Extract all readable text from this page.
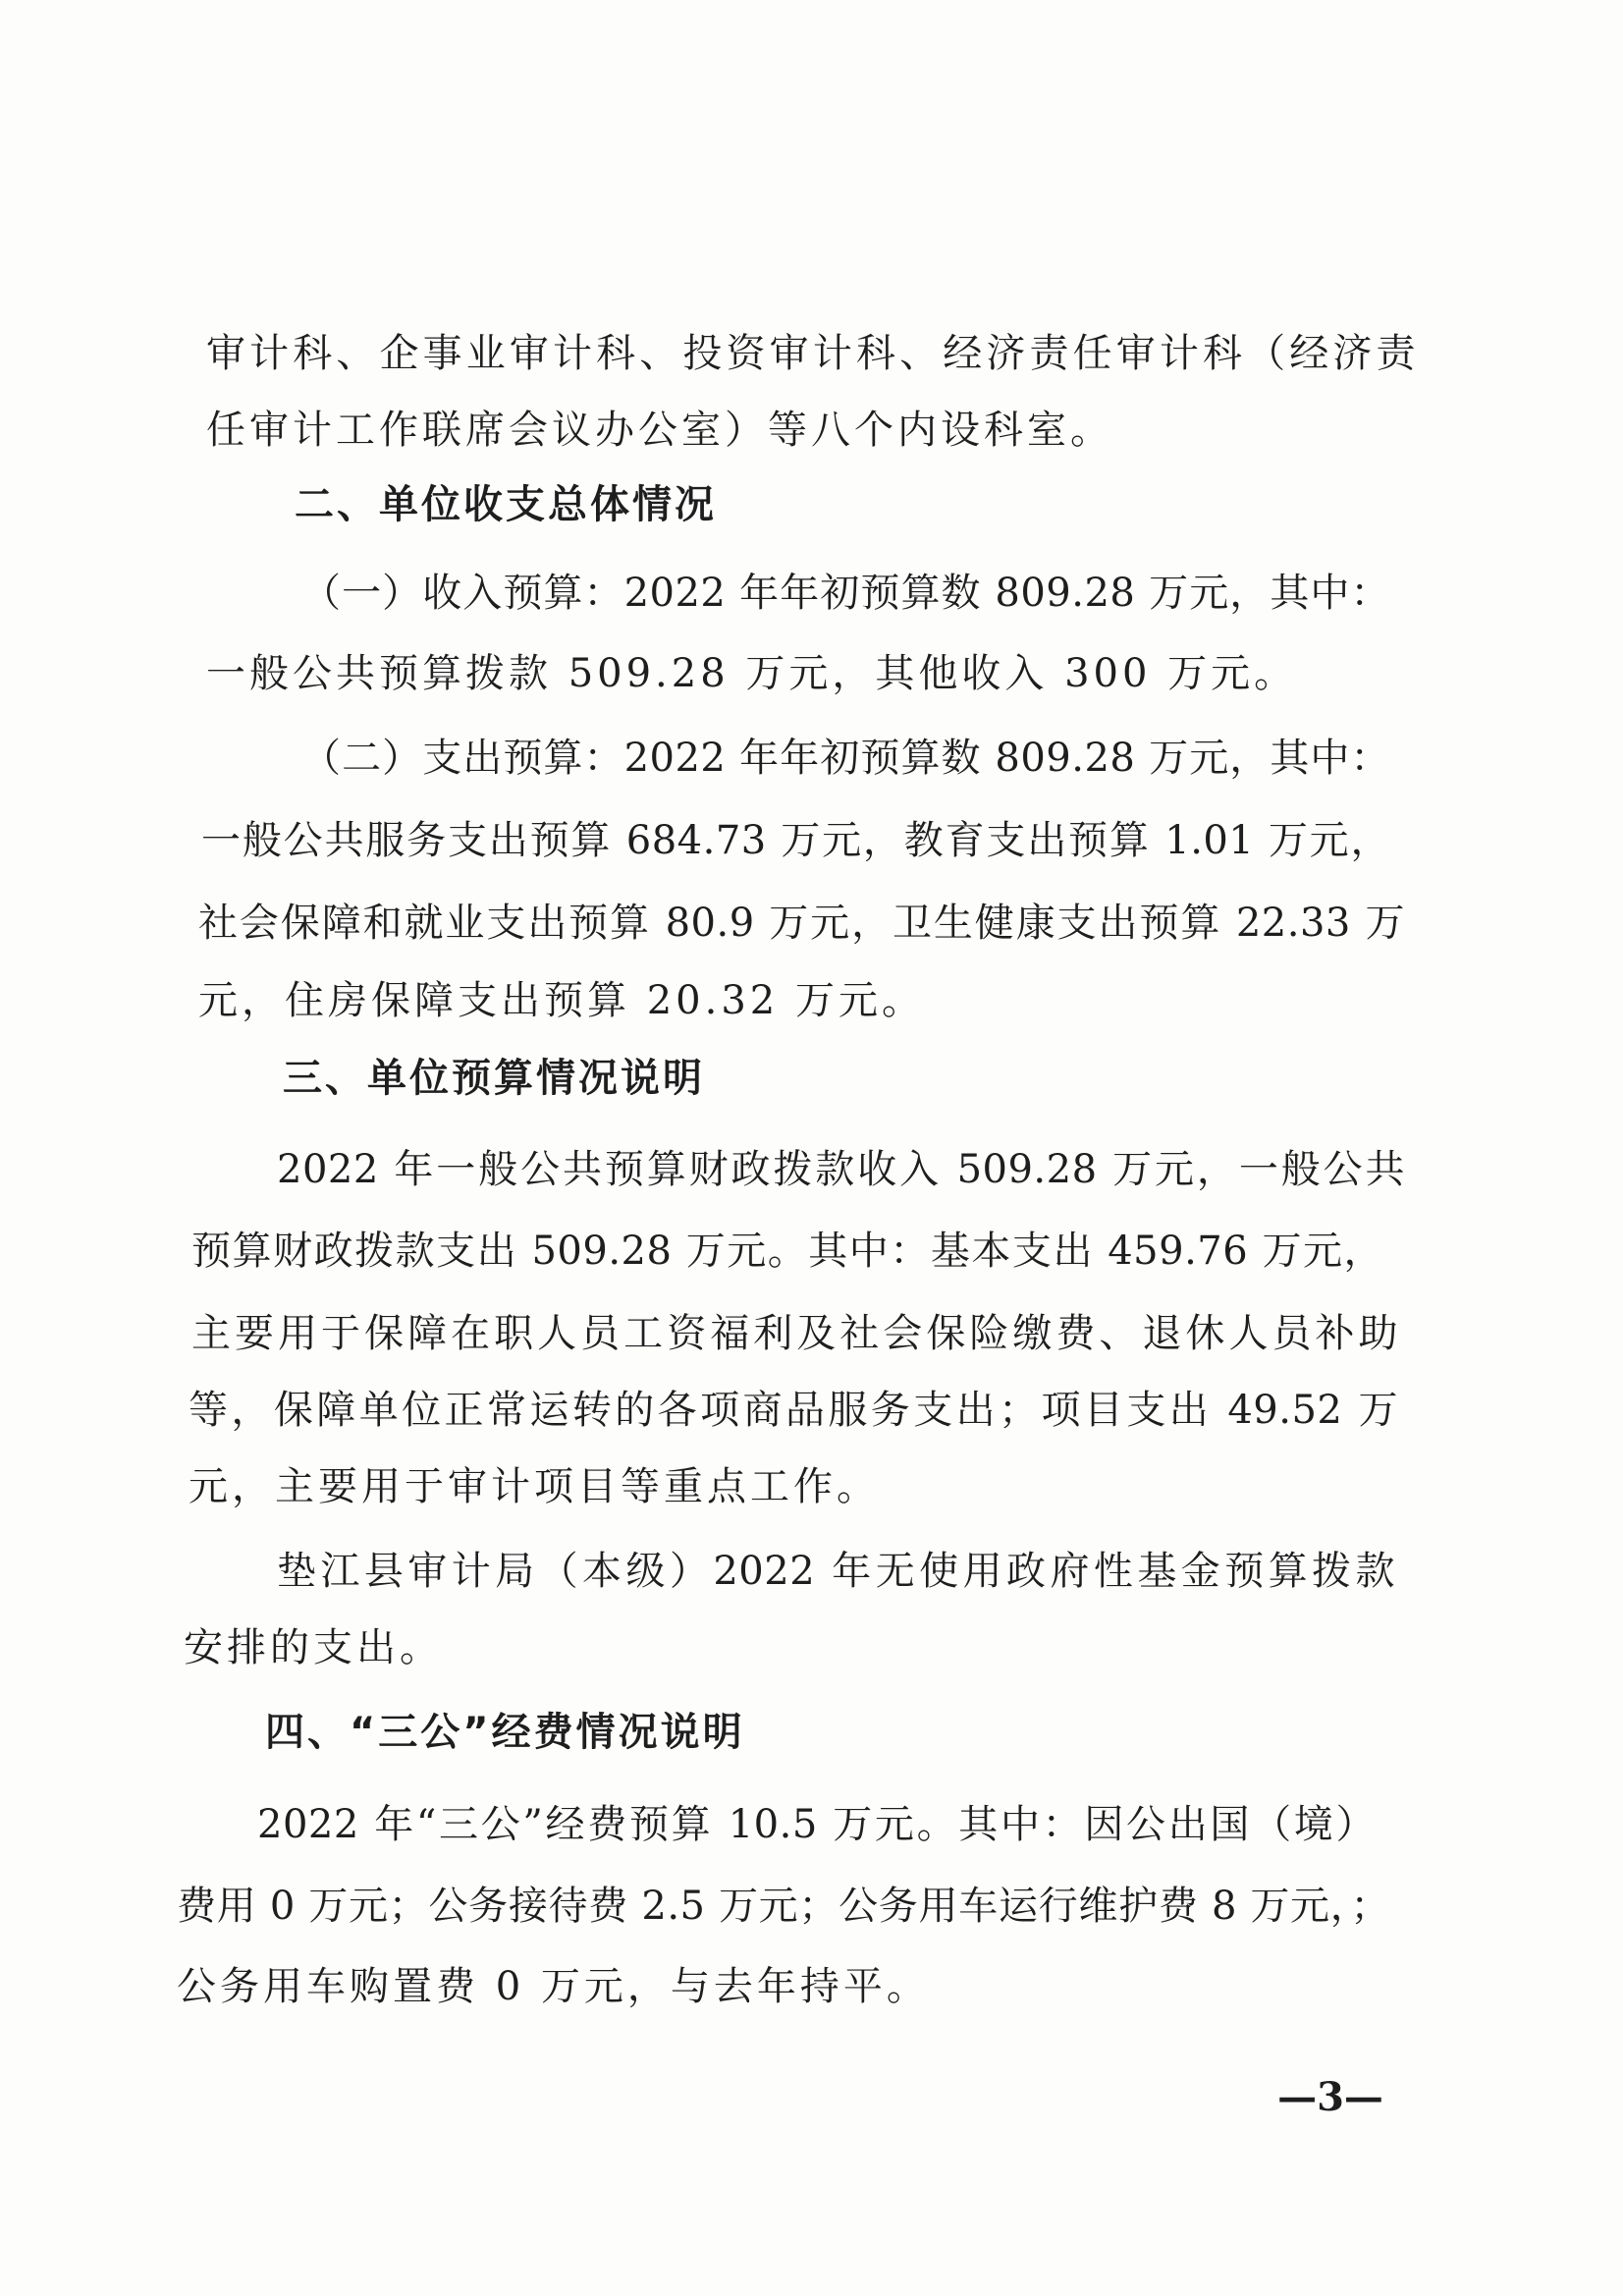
审计科、企事业审计科、投资审计科、经济责任审计科（经济责
任审计工作联席会议办公室）等八个内设科室。
二、单位收支总体情况
（一）收入预算：2022 年年初预算数 809.28 万元，其中：
一般公共预算拨款 509.28 万元，其他收入 300 万元。
（二）支出预算：2022 年年初预算数 809.28 万元，其中：
一般公共服务支出预算 684.73 万元，教育支出预算 1.01 万元，
社会保障和就业支出预算 80.9 万元，卫生健康支出预算 22.33 万
元，住房保障支出预算 20.32 万元。
三、单位预算情况说明
2022 年一般公共预算财政拨款收入 509.28 万元，一般公共
预算财政拨款支出 509.28 万元。其中：基本支出 459.76 万元，
主要用于保障在职人员工资福利及社会保险缴费、退休人员补助
等，保障单位正常运转的各项商品服务支出；项目支出 49.52 万
元，主要用于审计项目等重点工作。
垫江县审计局（本级）2022 年无使用政府性基金预算拨款
安排的支出。
四、“三公”经费情况说明
2022 年“三公”经费预算 10.5 万元。其中：因公出国（境）
费用 0 万元；公务接待费 2.5 万元；公务用车运行维护费 8 万元，；
公务用车购置费 0 万元，与去年持平。
—3—
